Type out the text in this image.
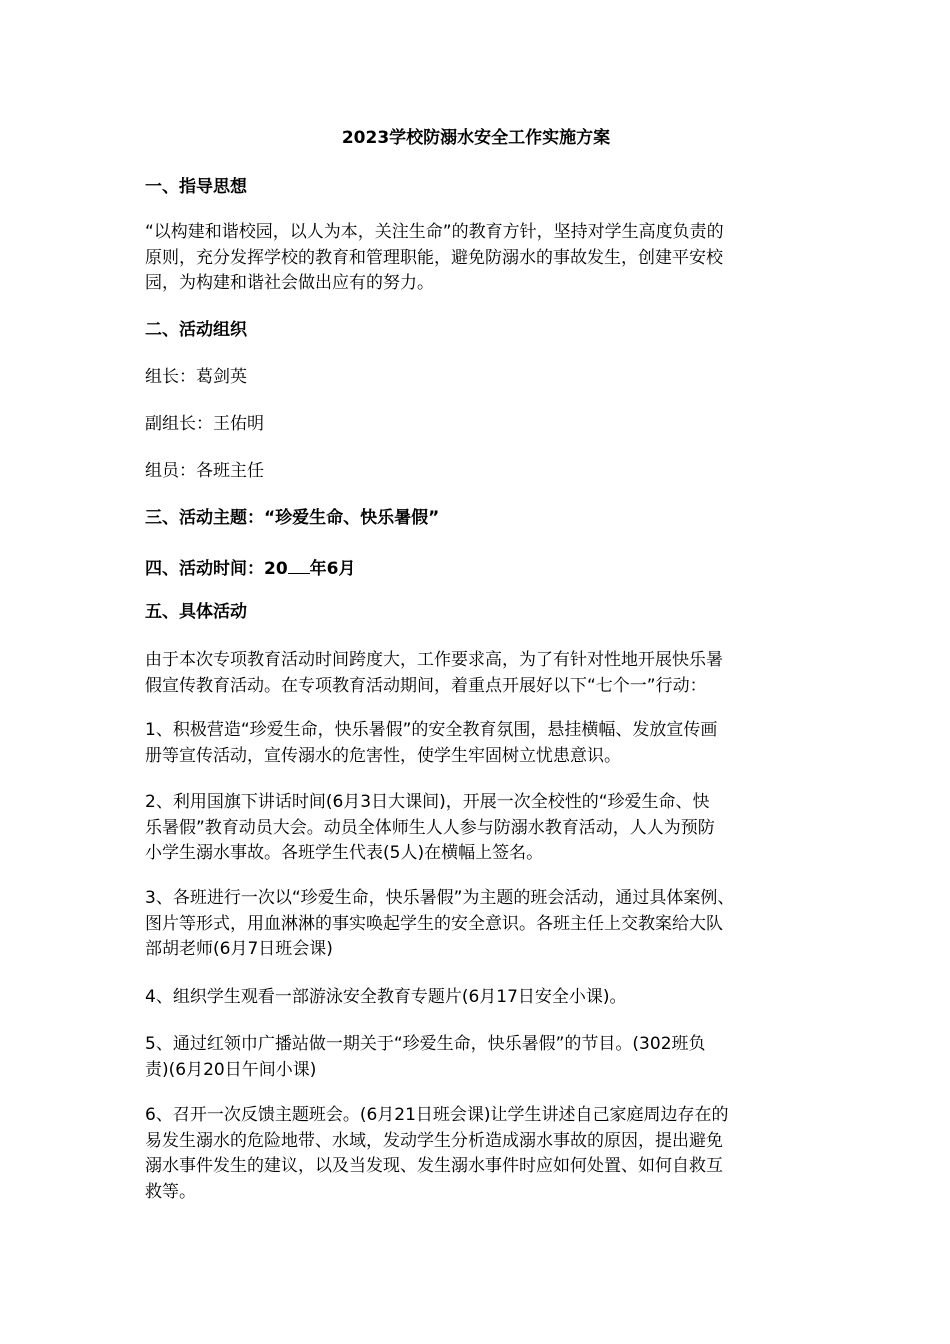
2023学校防溺水安全工作实施方案
一、指导思想
“以构建和谐校园，以人为本，关注生命”的教育方针，坚持对学生高度负责的
原则，充分发挥学校的教育和管理职能，避免防溺水的事故发生，创建平安校
园，为构建和谐社会做出应有的努力。
二、活动组织
组长：葛剑英
副组长：王佑明
组员：各班主任
三、活动主题：“珍爱生命、快乐暑假”
四、活动时间：20 年6月
五、具体活动
由于本次专项教育活动时间跨度大，工作要求高，为了有针对性地开展快乐暑
假宣传教育活动。在专项教育活动期间，着重点开展好以下“七个一”行动：
1、积极营造“珍爱生命，快乐暑假”的安全教育氛围，悬挂横幅、发放宣传画
册等宣传活动，宣传溺水的危害性，使学生牢固树立忧患意识。
2、利用国旗下讲话时间(6月3日大课间)，开展一次全校性的“珍爱生命、快
乐暑假”教育动员大会。动员全体师生人人参与防溺水教育活动，人人为预防
小学生溺水事故。各班学生代表(5人)在横幅上签名。
3、各班进行一次以“珍爱生命，快乐暑假”为主题的班会活动，通过具体案例、
图片等形式，用血淋淋的事实唤起学生的安全意识。各班主任上交教案给大队
部胡老师(6月7日班会课)
4、组织学生观看一部游泳安全教育专题片(6月17日安全小课)。
5、通过红领巾广播站做一期关于“珍爱生命，快乐暑假”的节目。(302班负
责)(6月20日午间小课)
6、召开一次反馈主题班会。(6月21日班会课)让学生讲述自己家庭周边存在的
易发生溺水的危险地带、水域，发动学生分析造成溺水事故的原因，提出避免
溺水事件发生的建议，以及当发现、发生溺水事件时应如何处置、如何自救互
救等。
